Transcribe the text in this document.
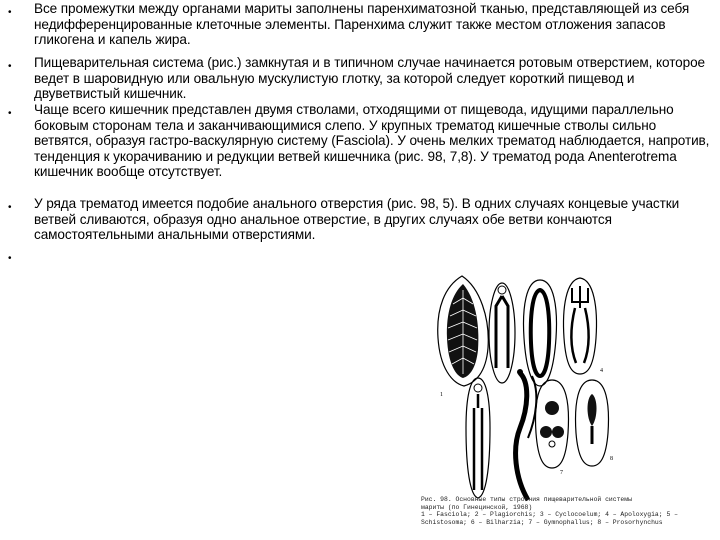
• Все промежутки между органами мариты заполнены паренхиматозной тканью, представляющей из себя недифференцированные клеточные элементы. Паренхима служит также местом отложения запасов гликогена и капель жира.
• Пищеварительная система (рис.) замкнутая и в типичном случае начинается ротовым отверстием, которое ведет в шаровидную или овальную мускулистую глотку, за которой следует короткий пищевод и двуветвистый кишечник.
• Чаще всего кишечник представлен двумя стволами, отходящими от пищевода, идущими параллельно боковым сторонам тела и заканчивающимися слепо. У крупных трематод кишечные стволы сильно ветвятся, образуя гастро-васкулярную систему (Fasciola). У очень мелких трематод наблюдается, напротив, тенденция к укорачиванию и редукции ветвей кишечника (рис. 98, 7,8). У трематод рода Anenterotrema кишечник вообще отсутствует.
• У ряда трематод имеется подобие анального отверстия (рис. 98, 5). В одних случаях концевые участки ветвей сливаются, образуя одно анальное отверстие, в других случаях обе ветви кончаются самостоятельными анальными отверстиями.
•
1
3
4
7
8
Рис. 98. Основные типы строения пищеварительной системы
мариты (по Гинецинской, 1968)
1 – Fasciola; 2 – Plagiorchis; 3 – Cyclocoelum; 4 – Apoloxygia; 5 –
Schistosoma; 6 – Bilharzia; 7 – Gymnophallus; 8 – Prosorhynchus
